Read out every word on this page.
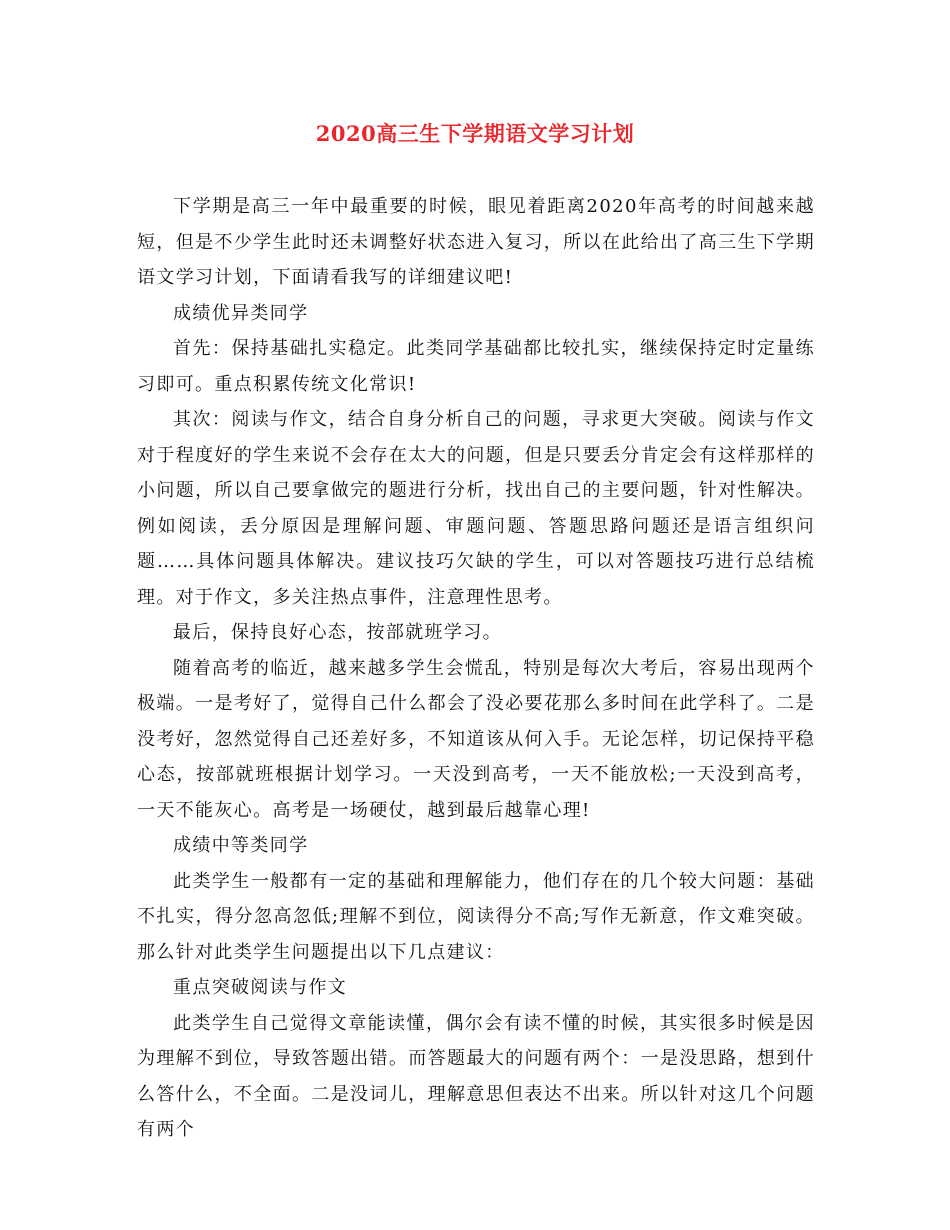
2020高三生下学期语文学习计划

下学期是高三一年中最重要的时候，眼见着距离2020年高考的时间越来越短，但是不少学生此时还未调整好状态进入复习，所以在此给出了高三生下学期语文学习计划，下面请看我写的详细建议吧!

成绩优异类同学

首先：保持基础扎实稳定。此类同学基础都比较扎实，继续保持定时定量练习即可。重点积累传统文化常识!

其次：阅读与作文，结合自身分析自己的问题，寻求更大突破。阅读与作文对于程度好的学生来说不会存在太大的问题，但是只要丢分肯定会有这样那样的小问题，所以自己要拿做完的题进行分析，找出自己的主要问题，针对性解决。例如阅读，丢分原因是理解问题、审题问题、答题思路问题还是语言组织问题……具体问题具体解决。建议技巧欠缺的学生，可以对答题技巧进行总结梳理。对于作文，多关注热点事件，注意理性思考。

最后，保持良好心态，按部就班学习。

随着高考的临近，越来越多学生会慌乱，特别是每次大考后，容易出现两个极端。一是考好了，觉得自己什么都会了没必要花那么多时间在此学科了。二是没考好，忽然觉得自己还差好多，不知道该从何入手。无论怎样，切记保持平稳心态，按部就班根据计划学习。一天没到高考，一天不能放松;一天没到高考，一天不能灰心。高考是一场硬仗，越到最后越靠心理!

成绩中等类同学

此类学生一般都有一定的基础和理解能力，他们存在的几个较大问题：基础不扎实，得分忽高忽低;理解不到位，阅读得分不高;写作无新意，作文难突破。那么针对此类学生问题提出以下几点建议：

重点突破阅读与作文

此类学生自己觉得文章能读懂，偶尔会有读不懂的时候，其实很多时候是因为理解不到位，导致答题出错。而答题最大的问题有两个：一是没思路，想到什么答什么，不全面。二是没词儿，理解意思但表达不出来。所以针对这几个问题有两个
